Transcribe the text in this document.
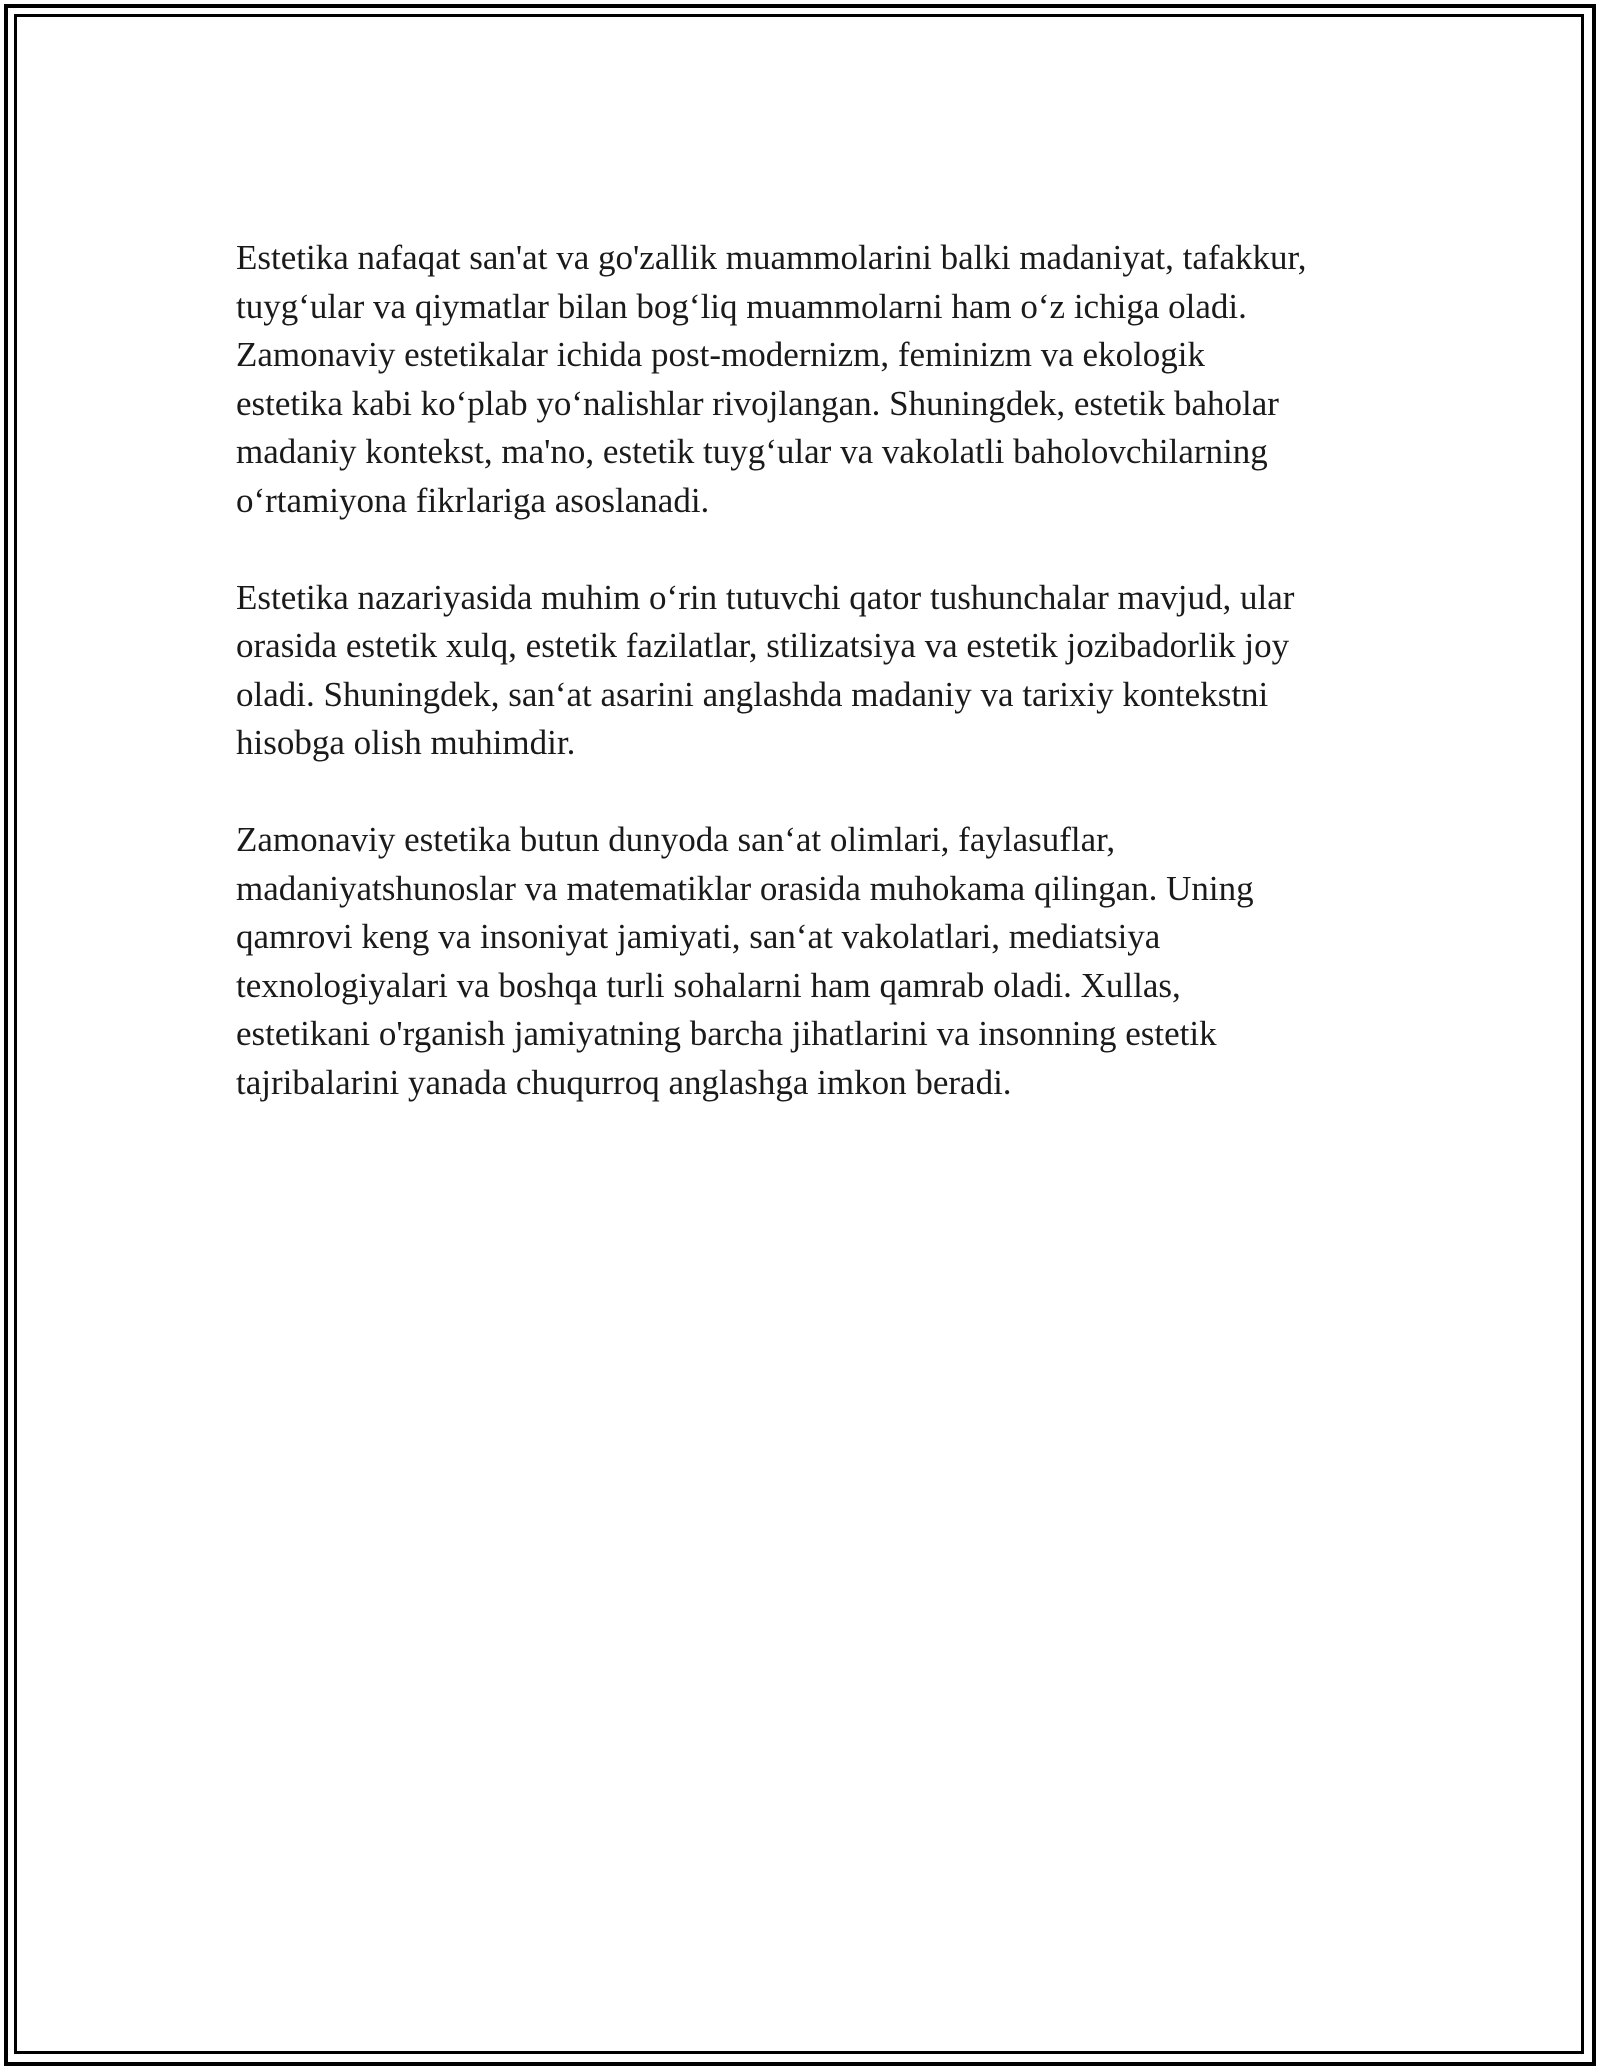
Estetika nafaqat san'at va go'zallik muammolarini balki madaniyat, tafakkur,
tuyg‘ular va qiymatlar bilan bog‘liq muammolarni ham o‘z ichiga oladi.
Zamonaviy estetikalar ichida post-modernizm, feminizm va ekologik
estetika kabi ko‘plab yo‘nalishlar rivojlangan. Shuningdek, estetik baholar
madaniy kontekst, ma'no, estetik tuyg‘ular va vakolatli baholovchilarning
o‘rtamiyona fikrlariga asoslanadi.

Estetika nazariyasida muhim o‘rin tutuvchi qator tushunchalar mavjud, ular
orasida estetik xulq, estetik fazilatlar, stilizatsiya va estetik jozibadorlik joy
oladi. Shuningdek, san‘at asarini anglashda madaniy va tarixiy kontekstni
hisobga olish muhimdir.

Zamonaviy estetika butun dunyoda san‘at olimlari, faylasuflar,
madaniyatshunoslar va matematiklar orasida muhokama qilingan. Uning
qamrovi keng va insoniyat jamiyati, san‘at vakolatlari, mediatsiya
texnologiyalari va boshqa turli sohalarni ham qamrab oladi. Xullas,
estetikani o'rganish jamiyatning barcha jihatlarini va insonning estetik
tajribalarini yanada chuqurroq anglashga imkon beradi.
